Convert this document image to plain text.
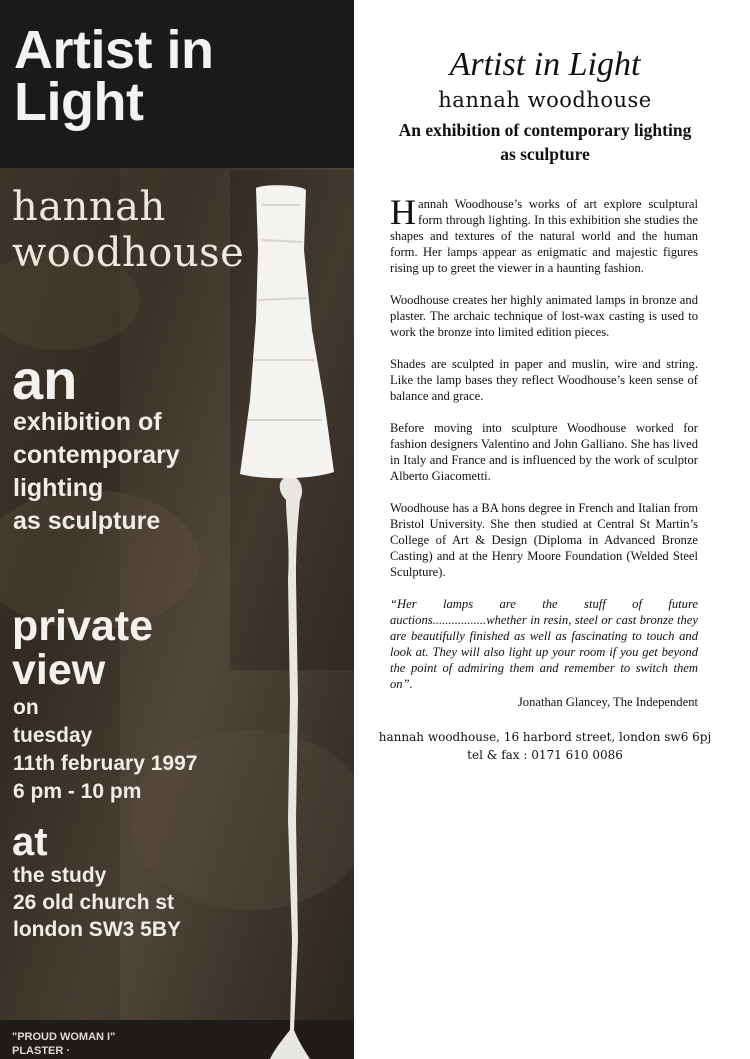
Artist in
Light
hannah
woodhouse
an
exhibition of
contemporary
lighting
as sculpture
private
view
on
tuesday
11th february 1997
6 pm - 10 pm
at
the study
26 old church st
london SW3 5BY
"PROUD WOMAN I"
PLASTER ·
Artist in Light
hannah woodhouse
An exhibition of contemporary lighting
as sculpture

Hannah Woodhouse’s works of art explore sculptural form through lighting. In this exhibition she studies the shapes and textures of the natural world and the human form. Her lamps appear as enigmatic and majestic figures rising up to greet the viewer in a haunting fashion.

Woodhouse creates her highly animated lamps in bronze and plaster. The archaic technique of lost-wax casting is used to work the bronze into limited edition pieces.

Shades are sculpted in paper and muslin, wire and string. Like the lamp bases they reflect Woodhouse’s keen sense of balance and grace.

Before moving into sculpture Woodhouse worked for fashion designers Valentino and John Galliano. She has lived in Italy and France and is influenced by the work of sculptor Alberto Giacometti.

Woodhouse has a BA hons degree in French and Italian from Bristol University. She then studied at Central St Martin’s College of Art & Design (Diploma in Advanced Bronze Casting) and at the Henry Moore Foundation (Welded Steel Sculpture).

“Her lamps are the stuff of future auctions.................whether in resin, steel or cast bronze they are beautifully finished as well as fascinating to touch and look at. They will also light up your room if you get beyond the point of admiring them and remember to switch them on”.

Jonathan Glancey, The Independent

hannah woodhouse, 16 harbord street, london sw6 6pj
tel & fax : 0171 610 0086
